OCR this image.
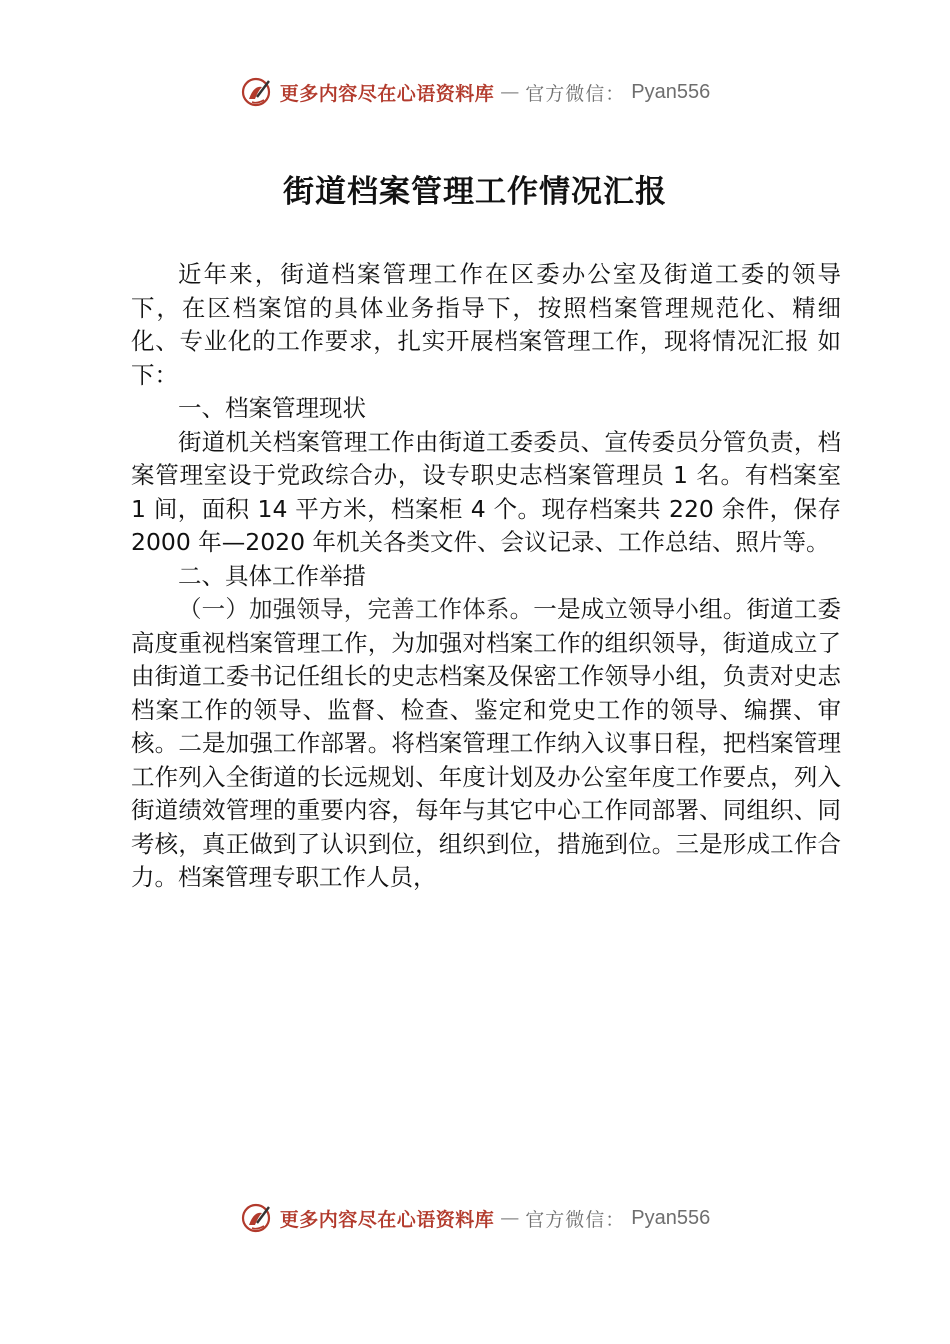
更多内容尽在心语资料库 — 官方微信： Pyan556
街道档案管理工作情况汇报

近年来，街道档案管理工作在区委办公室及街道工委的领导 下，在区档案馆的具体业务指导下，按照档案管理规范化、精细 化、专业化的工作要求，扎实开展档案管理工作，现将情况汇报 如下：

一、档案管理现状

街道机关档案管理工作由街道工委委员、宣传委员分管负责，档案管理室设于党政综合办，设专职史志档案管理员 1 名。有档案室 1 间，面积 14 平方米，档案柜 4 个。现存档案共 220 余件，保存 2000 年—2020 年机关各类文件、会议记录、工作总结、照片等。

二、具体工作举措

（一）加强领导，完善工作体系。一是成立领导小组。街道工委高度重视档案管理工作，为加强对档案工作的组织领导，街道成立了由街道工委书记任组长的史志档案及保密工作领导小组，负责对史志档案工作的领导、监督、检查、鉴定和党史工作的领导、编撰、审核。二是加强工作部署。将档案管理工作纳入议事日程，把档案管理工作列入全街道的长远规划、年度计划及办公室年度工作要点，列入街道绩效管理的重要内容，每年与其它中心工作同部署、同组织、同考核，真正做到了认识到位，组织到位，措施到位。三是形成工作合力。档案管理专职工作人员，

更多内容尽在心语资料库 — 官方微信： Pyan556
